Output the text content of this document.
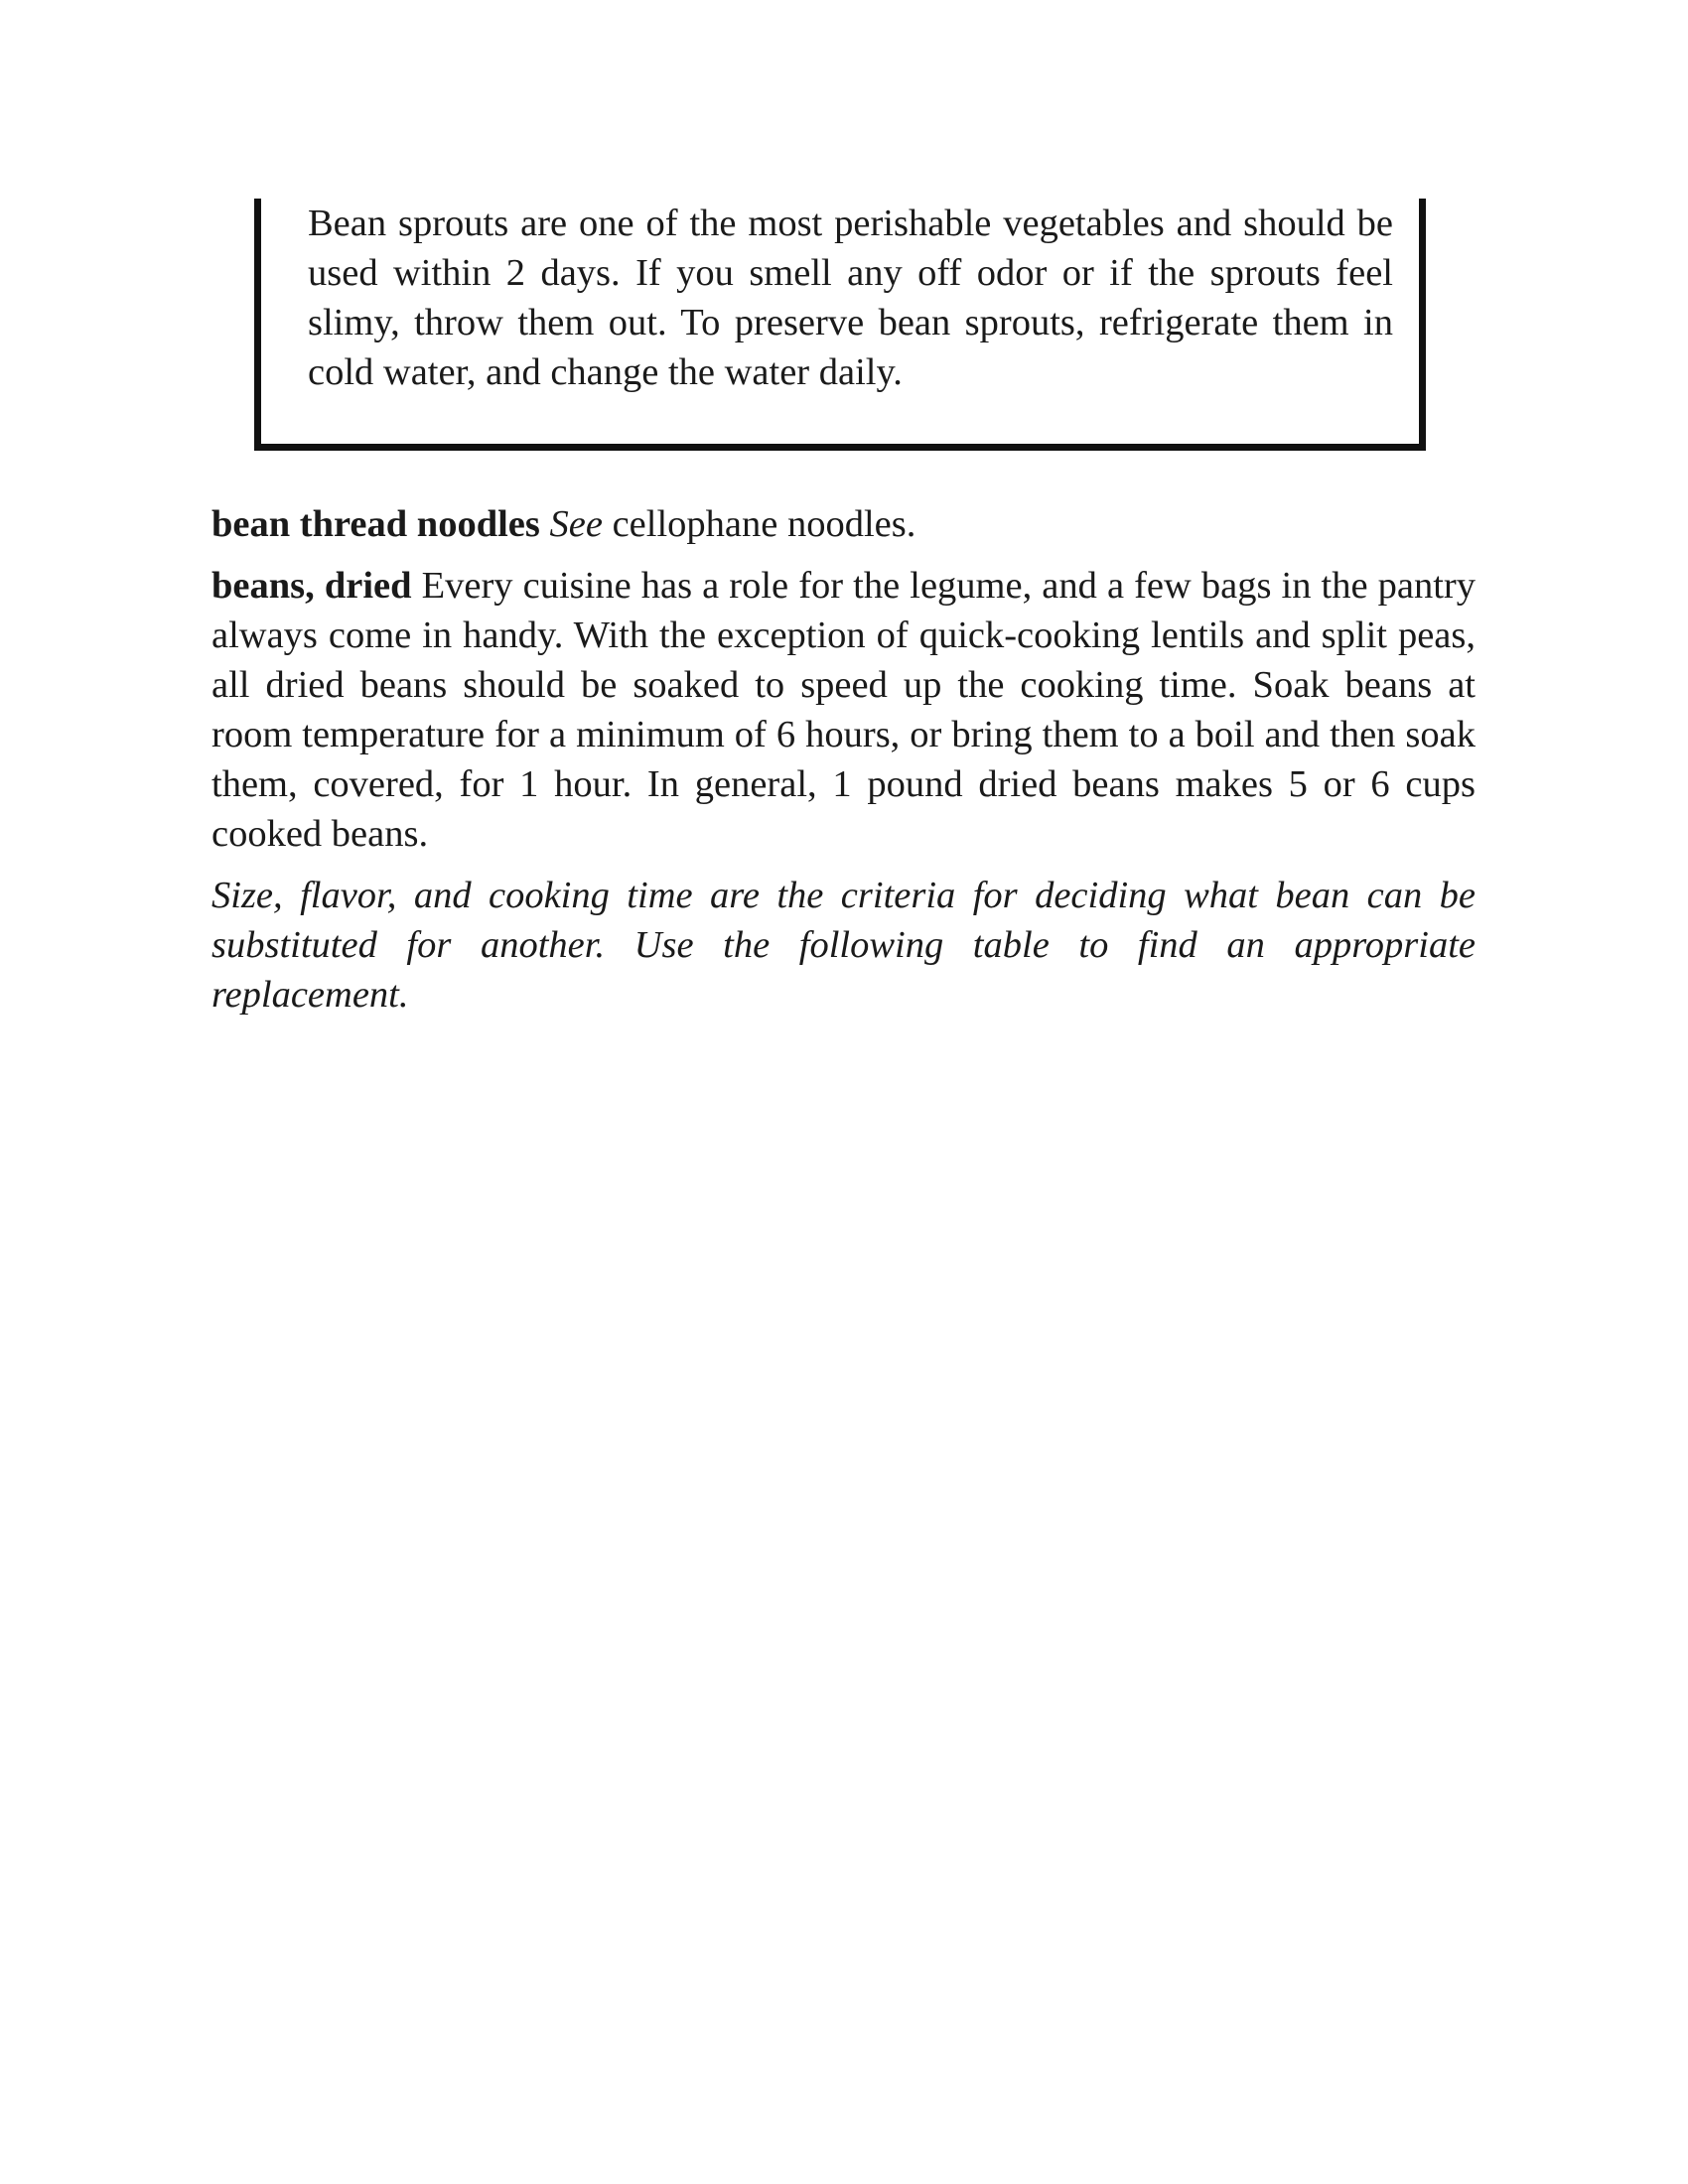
Bean sprouts are one of the most perishable vegetables and should be used within 2 days. If you smell any off odor or if the sprouts feel slimy, throw them out. To preserve bean sprouts, refrigerate them in cold water, and change the water daily.

bean thread noodles See cellophane noodles.

beans, dried Every cuisine has a role for the legume, and a few bags in the pantry always come in handy. With the exception of quick-cooking lentils and split peas, all dried beans should be soaked to speed up the cooking time. Soak beans at room temperature for a minimum of 6 hours, or bring them to a boil and then soak them, covered, for 1 hour. In general, 1 pound dried beans makes 5 or 6 cups cooked beans.

Size, flavor, and cooking time are the criteria for deciding what bean can be substituted for another. Use the following table to find an appropriate replacement.
